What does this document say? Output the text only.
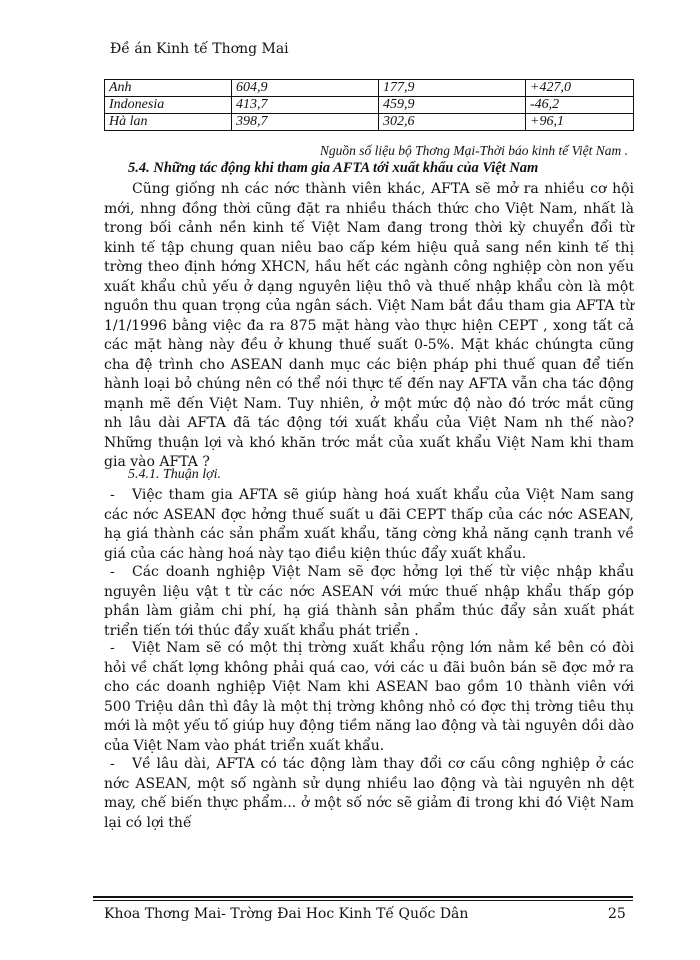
Đề án Kinh tế Thơng Mai
Anh	604,9	177,9	+427,0
Indonesia	413,7	459,9	-46,2
Hà lan	398,7	302,6	+96,1
Nguồn số liệu bộ Thơng Mại-Thời báo kinh tế Việt Nam .
5.4. Những tác động khi tham gia AFTA tới xuất khẩu của Việt Nam

Cũng giống nh các nớc thành viên khác, AFTA sẽ mở ra nhiều cơ hội mới, nhng đồng thời cũng đặt ra nhiều thách thức cho Việt Nam, nhất là trong bối cảnh nền kinh tế Việt Nam đang trong thời kỳ chuyển đổi từ kinh tế tập chung quan niêu bao cấp kém hiệu quả sang nền kinh tế thị trờng theo định hớng XHCN, hầu hết các ngành công nghiệp còn non yếu xuất khẩu chủ yếu ở dạng nguyên liệu thô và thuế nhập khẩu còn là một nguồn thu quan trọng của ngân sách. Việt Nam bắt đầu tham gia AFTA từ 1/1/1996 bằng việc đa ra 875 mặt hàng vào thực hiện CEPT , xong tất cả các mặt hàng này đều ở khung thuế suất 0-5%. Mặt khác chúngta cũng cha đệ trình cho ASEAN danh mục các biện pháp phi thuế quan để tiến hành loại bỏ chúng nên có thể nói thực tế đến nay AFTA vẫn cha tác động mạnh mẽ đến Việt Nam. Tuy nhiên, ở một mức độ nào đó trớc mắt cũng nh lâu dài AFTA đã tác động tới xuất khẩu của Việt Nam nh thế nào? Những thuận lợi và khó khăn trớc mắt của xuất khẩu Việt Nam khi tham gia vào AFTA ?

5.4.1. Thuận lợi.

- Việc tham gia AFTA sẽ giúp hàng hoá xuất khẩu của Việt Nam sang các nớc ASEAN đợc hởng thuế suất u đãi CEPT thấp của các nớc ASEAN, hạ giá thành các sản phẩm xuất khẩu, tăng cờng khả năng cạnh tranh về giá của các hàng hoá này tạo điều kiện thúc đẩy xuất khẩu.

- Các doanh nghiệp Việt Nam sẽ đợc hởng lợi thế từ việc nhập khẩu nguyên liệu vật t từ các nớc ASEAN với mức thuế nhập khẩu thấp góp phần làm giảm chi phí, hạ giá thành sản phẩm thúc đẩy sản xuất phát triển tiến tới thúc đẩy xuất khẩu phát triển .

- Việt Nam sẽ có một thị trờng xuất khẩu rộng lớn nằm kề bên có đòi hỏi về chất lợng không phải quá cao, với các u đãi buôn bán sẽ đợc mở ra cho các doanh nghiệp Việt Nam khi ASEAN bao gồm 10 thành viên với 500 Triệu dân thì đây là một thị trờng không nhỏ có đợc thị trờng tiêu thụ mới là một yếu tố giúp huy động tiềm năng lao động và tài nguyên dồi dào của Việt Nam vào phát triển xuất khẩu.

- Về lâu dài, AFTA có tác động làm thay đổi cơ cấu công nghiệp ở các nớc ASEAN, một số ngành sử dụng nhiều lao động và tài nguyên nh dệt may, chế biến thực phẩm... ở một số nớc sẽ giảm đi trong khi đó Việt Nam lại có lợi thế

Khoa Thơng Mai- Trờng Đai Hoc Kinh Tế Quốc Dân	25
